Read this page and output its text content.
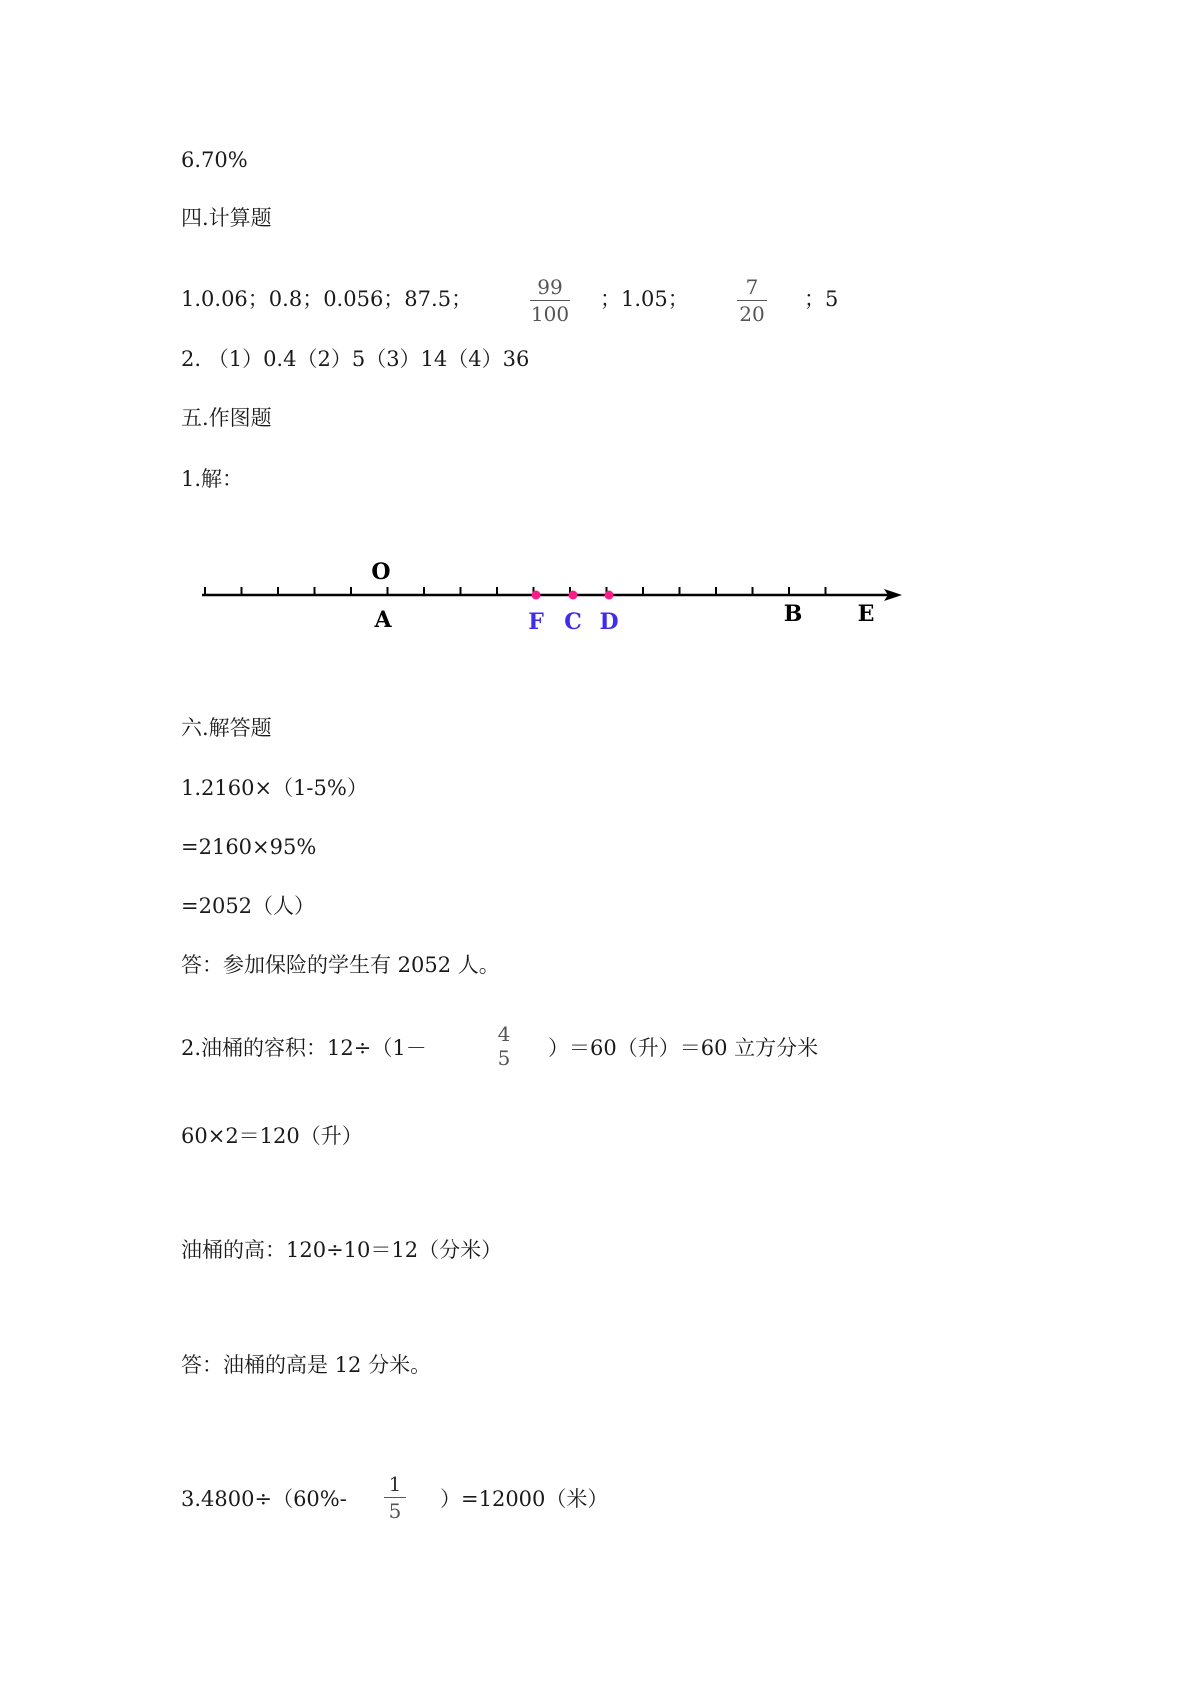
6.70%
四.计算题
1.0.06；0.8；0.056；87.5；	99
100
；1.05；	7
20
；5
2. （1）0.4（2）5（3）14（4）36
五.作图题
1.解：
O
A	F C D	B	E
六.解答题
1.2160×（1-5%）
=2160×95%
=2052（人）
答：参加保险的学生有 2052 人。
2.油桶的容积：12÷（1－
4
5 ）＝60（升）＝60 立方分米
60×2＝120（升）
油桶的高：120÷10＝12（分米）
答：油桶的高是 12 分米。
3.4800÷（60%-
1
5 ）=12000（米）
